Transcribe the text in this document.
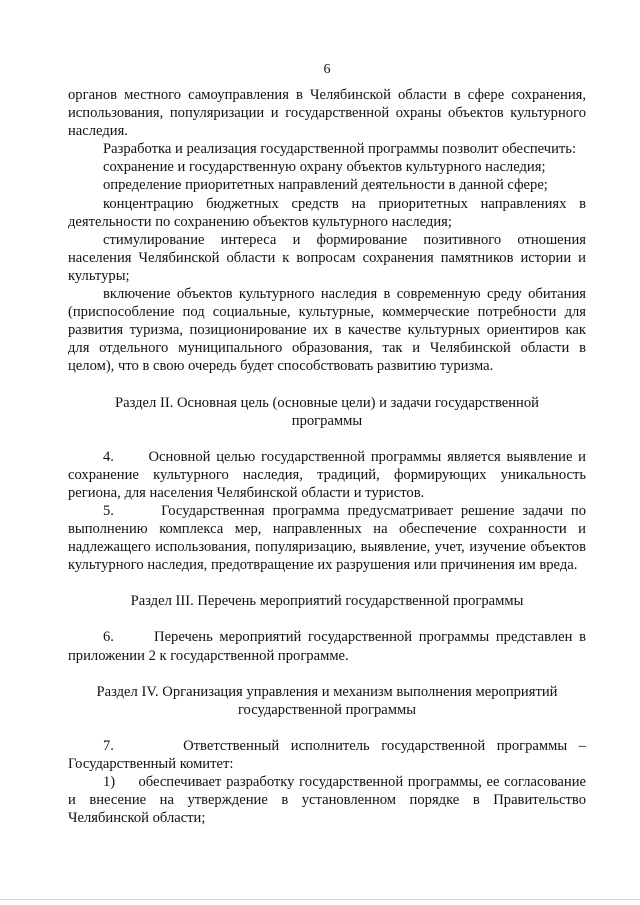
6

органов местного самоуправления в Челябинской области в сфере сохранения, использования, популяризации и государственной охраны объектов культурного наследия.

Разработка и реализация государственной программы позволит обеспечить:

сохранение и государственную охрану объектов культурного наследия;

определение приоритетных направлений деятельности в данной сфере;

концентрацию бюджетных средств на приоритетных направлениях в деятельности по сохранению объектов культурного наследия;

стимулирование интереса и формирование позитивного отношения населения Челябинской области к вопросам сохранения памятников истории и культуры;

включение объектов культурного наследия в современную среду обитания (приспособление под социальные, культурные, коммерческие потребности для развития туризма, позиционирование их в качестве культурных ориентиров как для отдельного муниципального образования, так и Челябинской области в целом), что в свою очередь будет способствовать развитию туризма.

Раздел II. Основная цель (основные цели) и задачи государственной
программы

4.      Основной целью государственной программы является выявление и сохранение культурного наследия, традиций, формирующих уникальность региона, для населения Челябинской области и туристов.

5.      Государственная программа предусматривает решение задачи по выполнению комплекса мер, направленных на обеспечение сохранности и надлежащего использования, популяризацию, выявление, учет, изучение объектов культурного наследия, предотвращение их разрушения или причинения им вреда.

Раздел III. Перечень мероприятий государственной программы

6.      Перечень мероприятий государственной программы представлен в приложении 2 к государственной программе.

Раздел IV. Организация управления и механизм выполнения мероприятий
государственной программы

7.      Ответственный исполнитель государственной программы – Государственный комитет:

1)     обеспечивает разработку государственной программы, ее согласование и внесение на утверждение в установленном порядке в Правительство Челябинской области;
